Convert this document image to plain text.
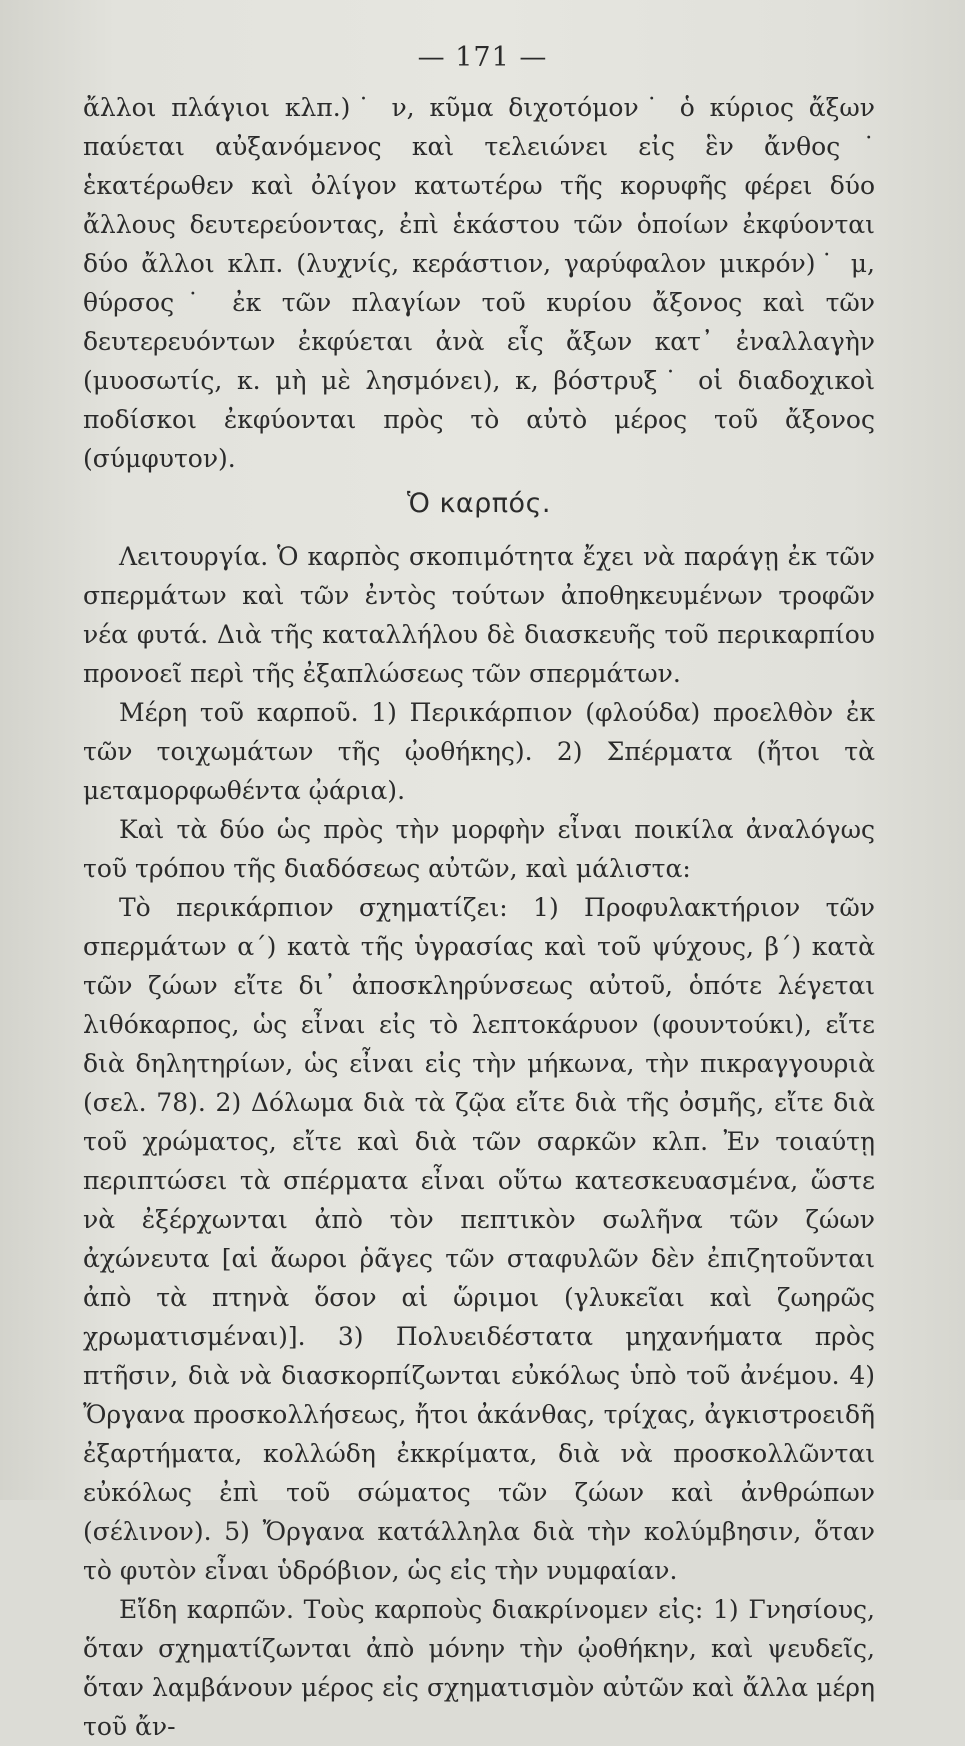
— 171 —

ἄλλοι πλάγιοι κλπ.)˙ ν, κῦμα διχοτόμον˙ ὁ κύριος ἄξων παύεται αὐξανόμενος καὶ τελειώνει εἰς ἓν ἄνθος˙ ἑκατέρωθεν καὶ ὀλίγον κατωτέρω τῆς κορυφῆς φέρει δύο ἄλλους δευτερεύοντας, ἐπὶ ἑκάστου τῶν ὁποίων ἐκφύονται δύο ἄλλοι κλπ. (λυχνίς, κεράστιον, γαρύφαλον μικρόν)˙ μ, θύρσος˙ ἐκ τῶν πλαγίων τοῦ κυρίου ἄξονος καὶ τῶν δευτερευόντων ἐκφύεται ἀνὰ εἷς ἄξων κατ᾿ ἐναλλαγὴν (μυοσωτίς, κ. μὴ μὲ λησμόνει), κ, βόστρυξ˙ οἱ διαδοχικοὶ ποδίσκοι ἐκφύονται πρὸς τὸ αὐτὸ μέρος τοῦ ἄξονος (σύμφυτον).

Ὁ καρπός.

Λειτουργία. Ὁ καρπὸς σκοπιμότητα ἔχει νὰ παράγῃ ἐκ τῶν σπερμάτων καὶ τῶν ἐντὸς τούτων ἀποθηκευμένων τροφῶν νέα φυτά. Διὰ τῆς καταλλήλου δὲ διασκευῆς τοῦ περικαρπίου προνοεῖ περὶ τῆς ἐξαπλώσεως τῶν σπερμάτων.

Μέρη τοῦ καρποῦ. 1) Περικάρπιον (φλούδα) προελθὸν ἐκ τῶν τοιχωμάτων τῆς ᾠοθήκης). 2) Σπέρματα (ἤτοι τὰ μεταμορφωθέντα ᾠάρια).

Καὶ τὰ δύο ὡς πρὸς τὴν μορφὴν εἶναι ποικίλα ἀναλόγως τοῦ τρόπου τῆς διαδόσεως αὐτῶν, καὶ μάλιστα:

Τὸ περικάρπιον σχηματίζει: 1) Προφυλακτήριον τῶν σπερμάτων α΄) κατὰ τῆς ὑγρασίας καὶ τοῦ ψύχους, β΄) κατὰ τῶν ζώων εἴτε δι᾿ ἀποσκληρύνσεως αὐτοῦ, ὁπότε λέγεται λιθόκαρπος, ὡς εἶναι εἰς τὸ λεπτοκάρυον (φουντούκι), εἴτε διὰ δηλητηρίων, ὡς εἶναι εἰς τὴν μήκωνα, τὴν πικραγγουριὰ (σελ. 78). 2) Δόλωμα διὰ τὰ ζῷα εἴτε διὰ τῆς ὀσμῆς, εἴτε διὰ τοῦ χρώματος, εἴτε καὶ διὰ τῶν σαρκῶν κλπ. Ἐν τοιαύτῃ περιπτώσει τὰ σπέρματα εἶναι οὕτω κατεσκευασμένα, ὥστε νὰ ἐξέρχωνται ἀπὸ τὸν πεπτικὸν σωλῆνα τῶν ζώων ἀχώνευτα [αἱ ἄωροι ῥᾶγες τῶν σταφυλῶν δὲν ἐπιζητοῦνται ἀπὸ τὰ πτηνὰ ὅσον αἱ ὥριμοι (γλυκεῖαι καὶ ζωηρῶς χρωματισμέναι)]. 3) Πολυειδέστατα μηχανήματα πρὸς πτῆσιν, διὰ νὰ διασκορπίζωνται εὐκόλως ὑπὸ τοῦ ἀνέμου. 4) Ὄργανα προσκολλήσεως, ἤτοι ἀκάνθας, τρίχας, ἀγκιστροειδῆ ἐξαρτήματα, κολλώδη ἐκκρίματα, διὰ νὰ προσκολλῶνται εὐκόλως ἐπὶ τοῦ σώματος τῶν ζώων καὶ ἀνθρώπων (σέλινον). 5) Ὄργανα κατάλληλα διὰ τὴν κολύμβησιν, ὅταν τὸ φυτὸν εἶναι ὑδρόβιον, ὡς εἰς τὴν νυμφαίαν.

Εἴδη καρπῶν. Τοὺς καρποὺς διακρίνομεν εἰς: 1) Γνησίους, ὅταν σχηματίζωνται ἀπὸ μόνην τὴν ᾠοθήκην, καὶ ψευδεῖς, ὅταν λαμβάνουν μέρος εἰς σχηματισμὸν αὐτῶν καὶ ἄλλα μέρη τοῦ ἄν-
